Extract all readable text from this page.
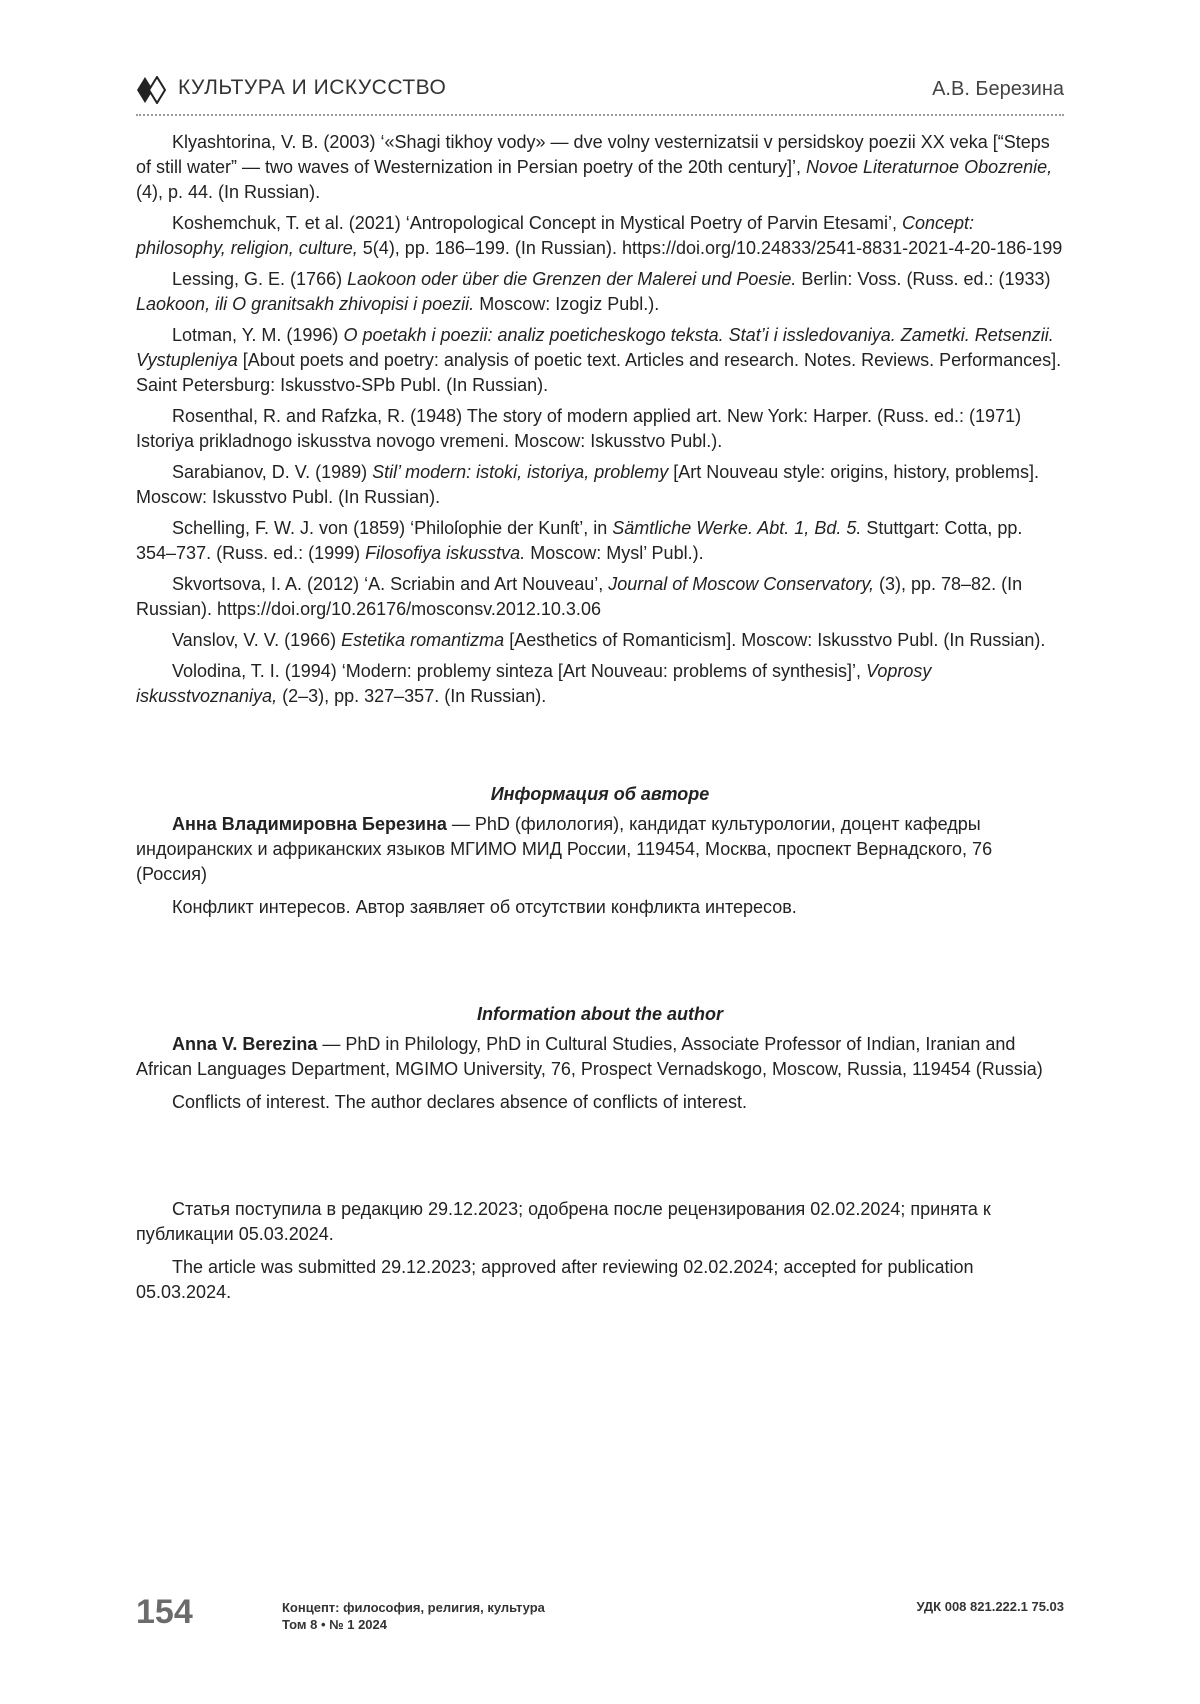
КУЛЬТУРА И ИСКУССТВО	А.В. Березина

Klyashtorina, V. B. (2003) ‘«Shagi tikhoy vody» — dve volny vesternizatsii v persidskoy poezii XX veka [“Steps of still water” — two waves of Westernization in Persian poetry of the 20th century]’, Novoe Literaturnoe Obozrenie, (4), p. 44. (In Russian).

Koshemchuk, T. et al. (2021) ‘Antropological Concept in Mystical Poetry of Parvin Etesami’, Concept: philosophy, religion, culture, 5(4), pp. 186–199. (In Russian). https://doi.org/10.24833/2541-8831-2021-4-20-186-199

Lessing, G. E. (1766) Laokoon oder über die Grenzen der Malerei und Poesie. Berlin: Voss. (Russ. ed.: (1933) Laokoon, ili O granitsakh zhivopisi i poezii. Moscow: Izogiz Publ.).

Lotman, Y. M. (1996) O poetakh i poezii: analiz poeticheskogo teksta. Stat’i i issledovaniya. Zametki. Retsenzii. Vystupleniya [About poets and poetry: analysis of poetic text. Articles and research. Notes. Reviews. Performances]. Saint Petersburg: Iskusstvo-SPb Publ. (In Russian).

Rosenthal, R. and Rafzka, R. (1948) The story of modern applied art. New York: Harper. (Russ. ed.: (1971) Istoriya prikladnogo iskusstva novogo vremeni. Moscow: Iskusstvo Publ.).

Sarabianov, D. V. (1989) Stil’ modern: istoki, istoriya, problemy [Art Nouveau style: origins, history, problems]. Moscow: Iskusstvo Publ. (In Russian).

Schelling, F. W. J. von (1859) ‘Philoſophie der Kunſt’, in Sämtliche Werke. Abt. 1, Bd. 5. Stuttgart: Cotta, pp. 354–737. (Russ. ed.: (1999) Filosofiya iskusstva. Moscow: Mysl’ Publ.).

Skvortsova, I. A. (2012) ‘A. Scriabin and Art Nouveau’, Journal of Moscow Conservatory, (3), pp. 78–82. (In Russian). https://doi.org/10.26176/mosconsv.2012.10.3.06

Vanslov, V. V. (1966) Estetika romantizma [Aesthetics of Romanticism]. Moscow: Iskusstvo Publ. (In Russian).

Volodina, T. I. (1994) ‘Modern: problemy sinteza [Art Nouveau: problems of synthesis]’, Voprosy iskusstvoznaniya, (2–3), pp. 327–357. (In Russian).

Информация об авторе

Анна Владимировна Березина — PhD (филология), кандидат культурологии, доцент кафедры индоиранских и африканских языков МГИМО МИД России, 119454, Москва, проспект Вернадского, 76 (Россия)

Конфликт интересов. Автор заявляет об отсутствии конфликта интересов.

Information about the author

Anna V. Berezina — PhD in Philology, PhD in Cultural Studies, Associate Professor of Indian, Iranian and African Languages Department, MGIMO University, 76, Prospect Vernadskogo, Moscow, Russia, 119454 (Russia)

Conflicts of interest. The author declares absence of conflicts of interest.

Статья поступила в редакцию 29.12.2023; одобрена после рецензирования 02.02.2024; принята к публикации 05.03.2024.

The article was submitted 29.12.2023; approved after reviewing 02.02.2024; accepted for publication 05.03.2024.

154	Концепт: философия, религия, культура
Том 8 • № 1 2024
УДК 008 821.222.1 75.03
